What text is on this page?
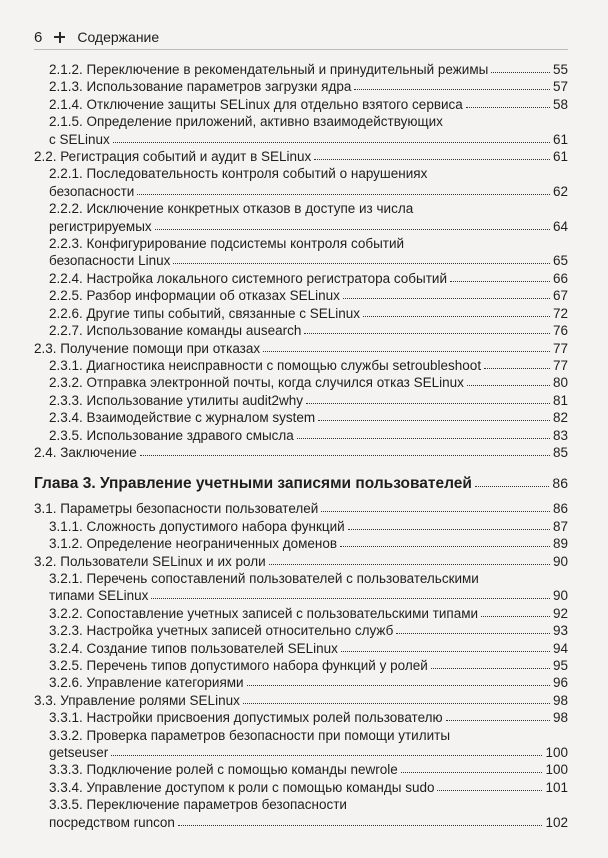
6	Содержание
2.1.2. Переключение в рекомендательный и принудительный режимы	55
2.1.3. Использование параметров загрузки ядра	57
2.1.4. Отключение защиты SELinux для отдельно взятого сервиса	58
2.1.5. Определение приложений, активно взаимодействующих
с SELinux	61
2.2. Регистрация событий и аудит в SELinux	61
2.2.1. Последовательность контроля событий о нарушениях
безопасности	62
2.2.2. Исключение конкретных отказов в доступе из числа
регистрируемых	64
2.2.3. Конфигурирование подсистемы контроля событий
безопасности Linux	65
2.2.4. Настройка локального системного регистратора событий	66
2.2.5. Разбор информации об отказах SELinux	67
2.2.6. Другие типы событий, связанные с SELinux	72
2.2.7. Использование команды ausearch	76
2.3. Получение помощи при отказах	77
2.3.1. Диагностика неисправности с помощью службы setroubleshoot	77
2.3.2. Отправка электронной почты, когда случился отказ SELinux	80
2.3.3. Использование утилиты audit2why	81
2.3.4. Взаимодействие с журналом system	82
2.3.5. Использование здравого смысла	83
2.4. Заключение	85
Глава 3. Управление учетными записями пользователей	86
3.1. Параметры безопасности пользователей	86
3.1.1. Сложность допустимого набора функций	87
3.1.2. Определение неограниченных доменов	89
3.2. Пользователи SELinux и их роли	90
3.2.1. Перечень сопоставлений пользователей с пользовательскими
типами SELinux	90
3.2.2. Сопоставление учетных записей с пользовательскими типами	92
3.2.3. Настройка учетных записей относительно служб	93
3.2.4. Создание типов пользователей SELinux	94
3.2.5. Перечень типов допустимого набора функций у ролей	95
3.2.6. Управление категориями	96
3.3. Управление ролями SELinux	98
3.3.1. Настройки присвоения допустимых ролей пользователю	98
3.3.2. Проверка параметров безопасности при помощи утилиты
getseuser	100
3.3.3. Подключение ролей с помощью команды newrole	100
3.3.4. Управление доступом к роли с помощью команды sudo	101
3.3.5. Переключение параметров безопасности
посредством runcon	102
